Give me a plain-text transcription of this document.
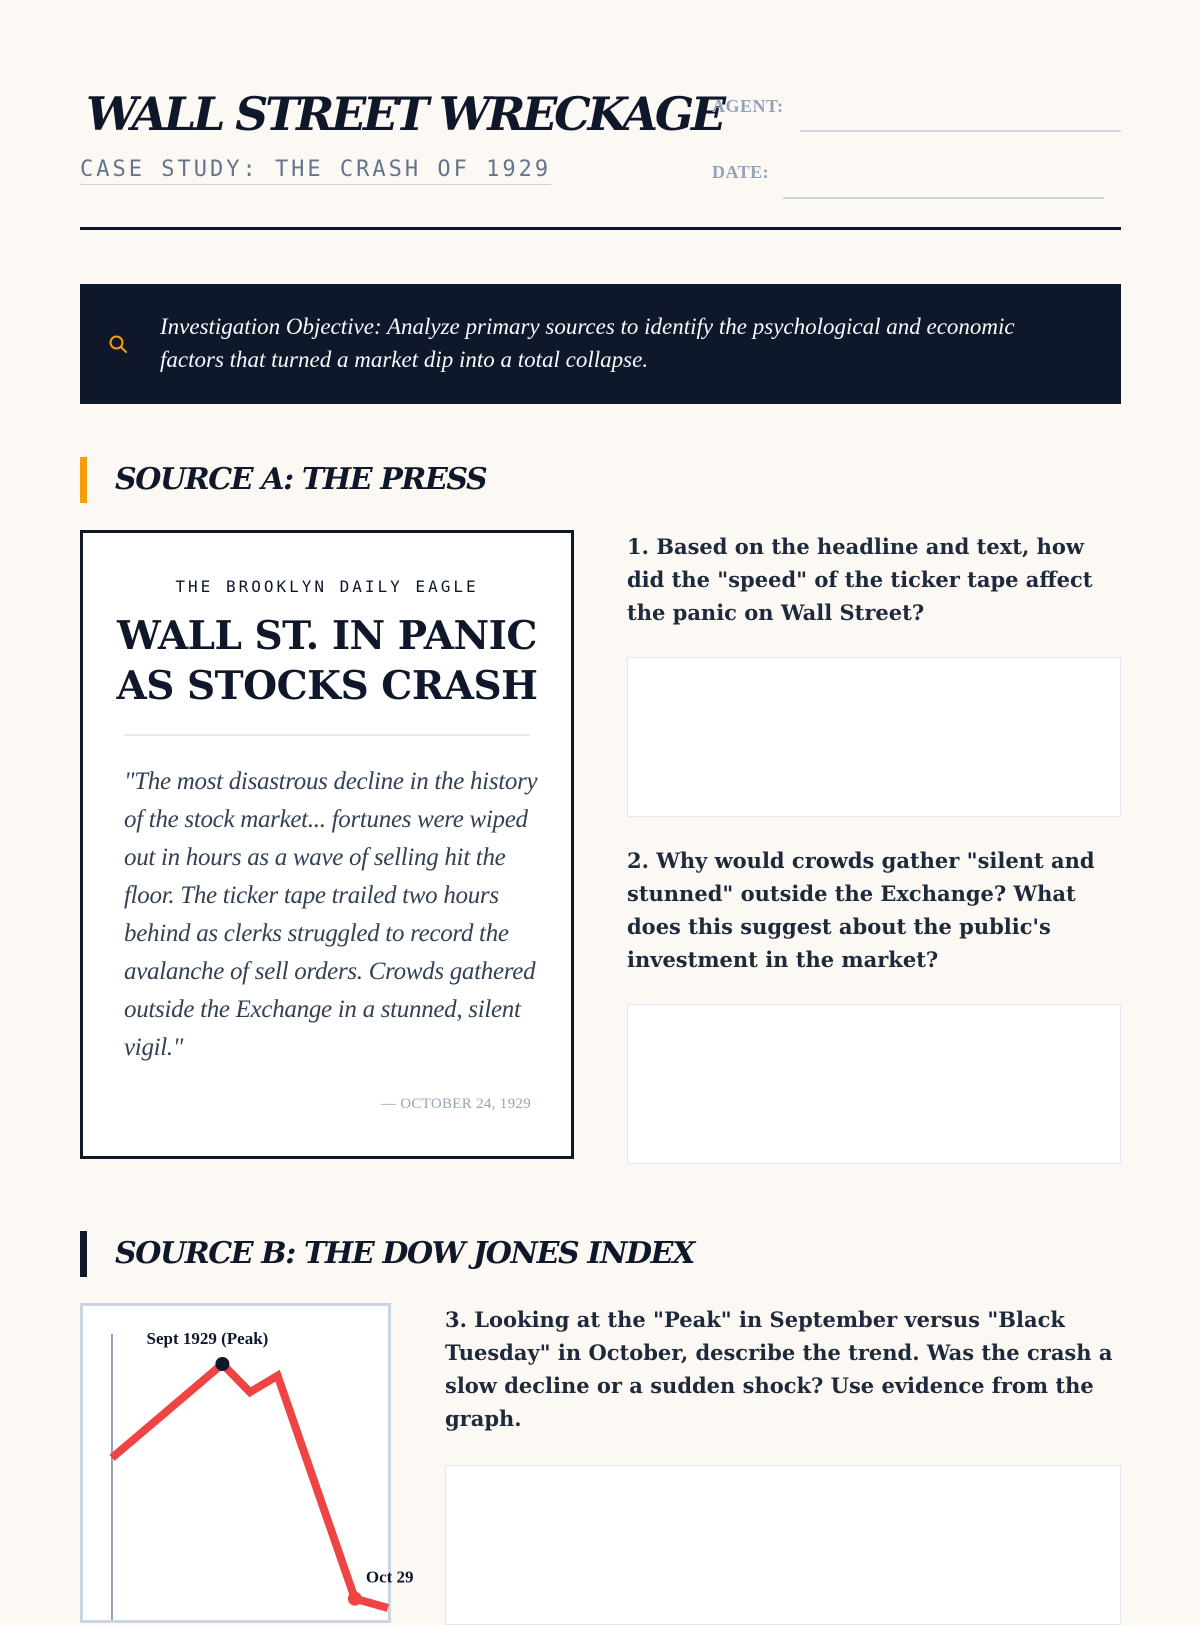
WALL STREET WRECKAGE
CASE STUDY: THE CRASH OF 1929
AGENT:
DATE:

Investigation Objective: Analyze primary sources to identify the psychological and economic factors that turned a market dip into a total collapse.

SOURCE A: THE PRESS
THE BROOKLYN DAILY EAGLE
WALL ST. IN PANIC
AS STOCKS CRASH

"The most disastrous decline in the history of the stock market... fortunes were wiped out in hours as a wave of selling hit the floor. The ticker tape trailed two hours behind as clerks struggled to record the avalanche of sell orders. Crowds gathered outside the Exchange in a stunned, silent vigil."

— OCTOBER 24, 1929

1. Based on the headline and text, how did the "speed" of the ticker tape affect the panic on Wall Street?

2. Why would crowds gather "silent and stunned" outside the Exchange? What does this suggest about the public's investment in the market?

SOURCE B: THE DOW JONES INDEX
Sept 1929 (Peak)
Oct 29

3. Looking at the "Peak" in September versus "Black Tuesday" in October, describe the trend. Was the crash a slow decline or a sudden shock? Use evidence from the graph.
